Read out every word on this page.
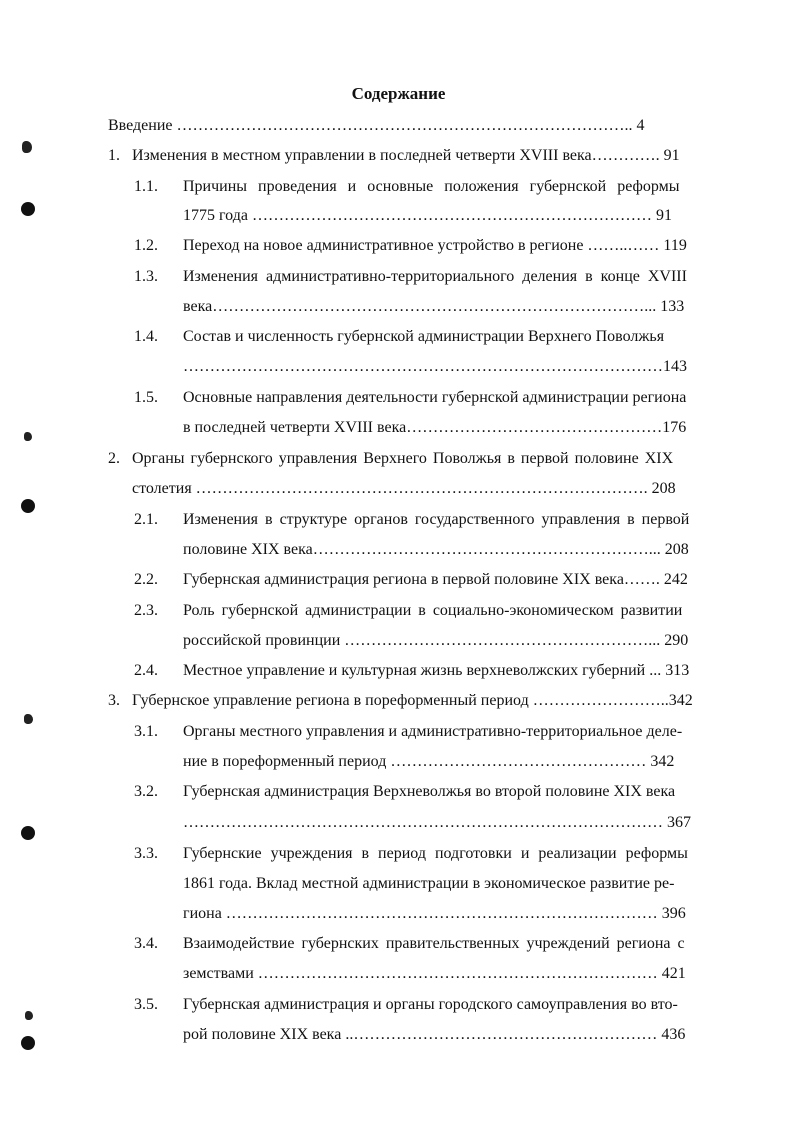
Содержание
Введение ………………………………………………………………………….. 4
1. Изменения в местном управлении в последней четверти XVIII века…………. 91
1.1. Причины проведения и основные положения губернской реформы
1775 года ………………………………………………………………… 91
1.2. Переход на новое административное устройство в регионе ……..…… 119
1.3. Изменения административно-территориального деления в конце XVIII
века………………………………………………………………………... 133
1.4. Состав и численность губернской администрации Верхнего Поволжья
………………………………………………………………………………143
1.5. Основные направления деятельности губернской администрации региона
в последней четверти XVIII века…………………………………………176
2. Органы губернского управления Верхнего Поволжья в первой половине XIX
столетия …………………………………………………………………………. 208
2.1. Изменения в структуре органов государственного управления в первой
половине XIX века………………………………………………………... 208
2.2. Губернская администрация региона в первой половине XIX века……. 242
2.3. Роль губернской администрации в социально-экономическом развитии
российской провинции …………………………………………………... 290
2.4. Местное управление и культурная жизнь верхневолжских губерний ... 313
3. Губернское управление региона в пореформенный период ……………………..342
3.1. Органы местного управления и административно-территориальное деле-
ние в пореформенный период ………………………………………… 342
3.2. Губернская администрация Верхневолжья во второй половине XIX века
……………………………………………………………………………… 367
3.3. Губернские учреждения в период подготовки и реализации реформы
1861 года. Вклад местной администрации в экономическое развитие ре-
гиона ……………………………………………………………………… 396
3.4. Взаимодействие губернских правительственных учреждений региона с
земствами ………………………………………………………………… 421
3.5. Губернская администрация и органы городского самоуправления во вто-
рой половине XIX века ..………………………………………………… 436
